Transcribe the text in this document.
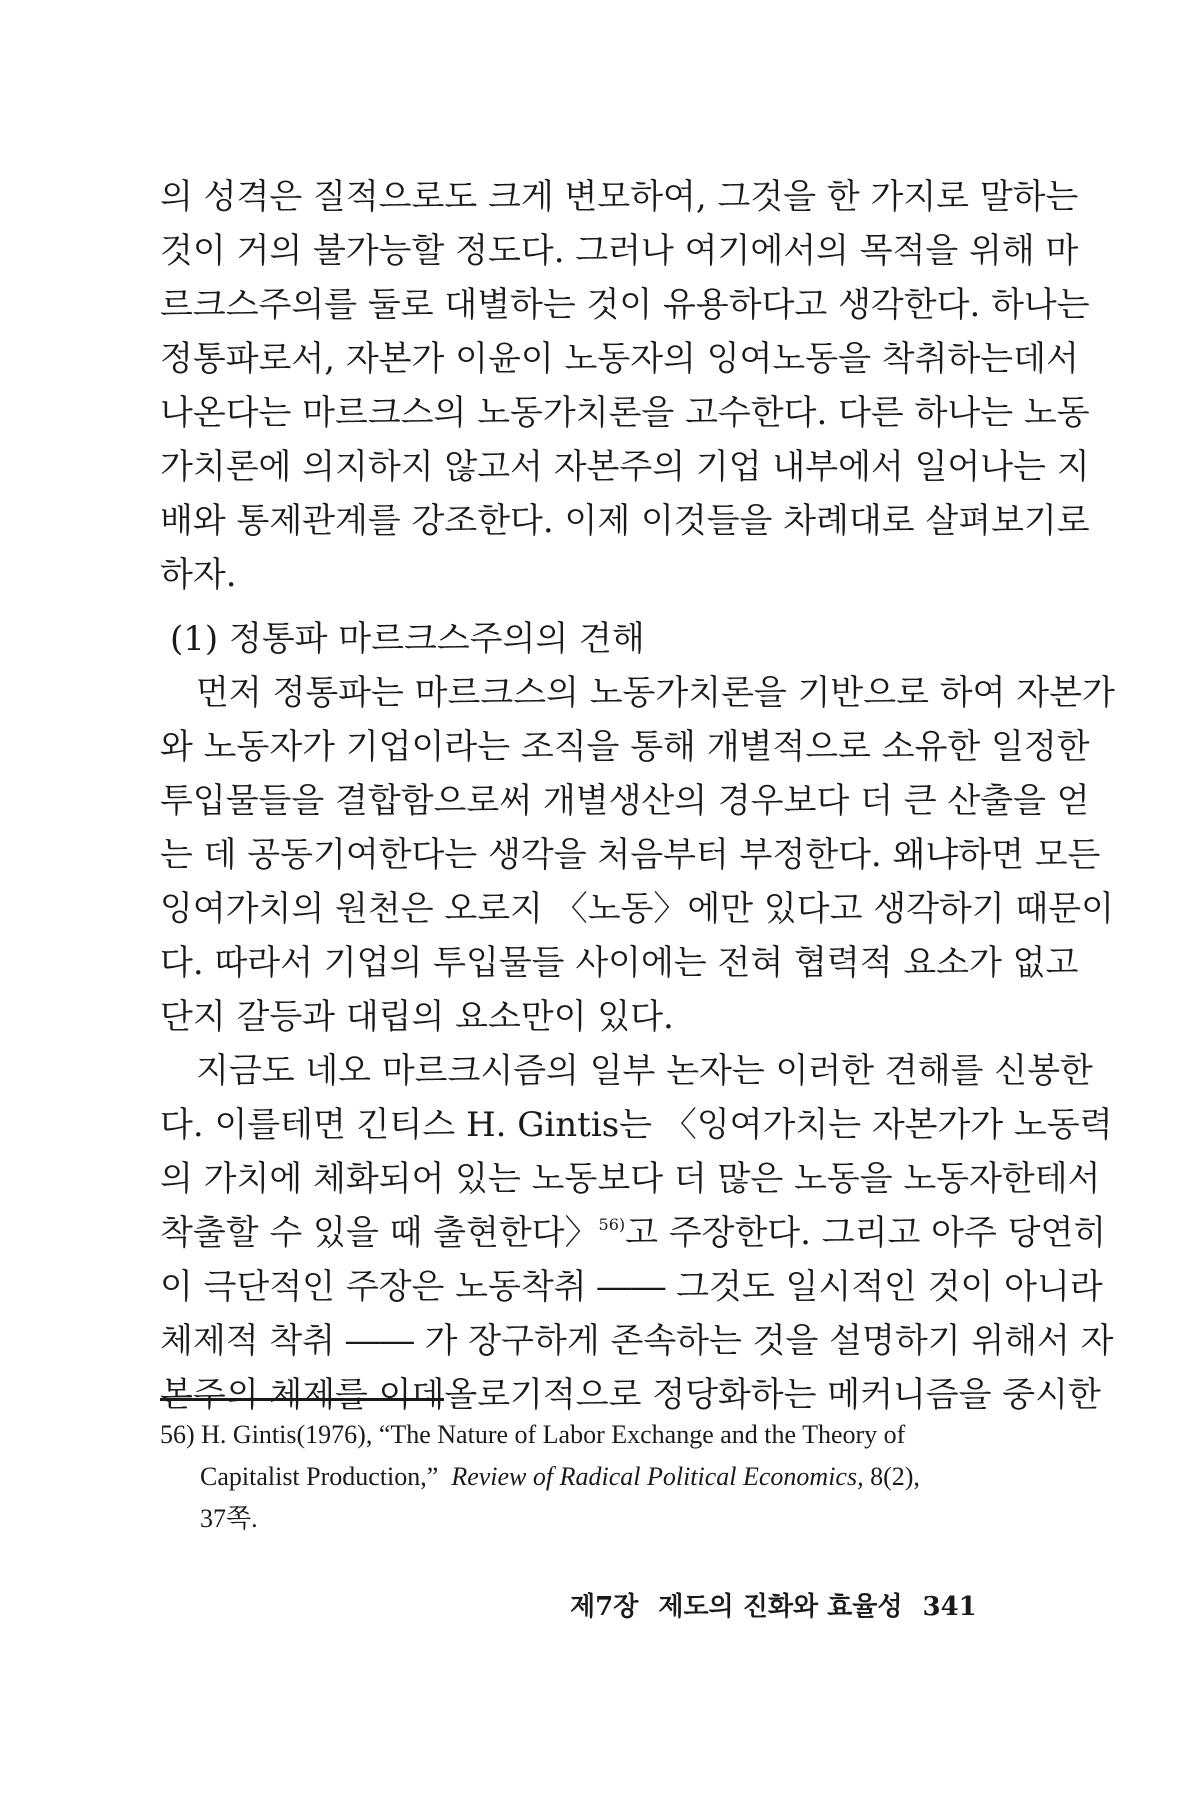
의 성격은 질적으로도 크게 변모하여, 그것을 한 가지로 말하는
것이 거의 불가능할 정도다. 그러나 여기에서의 목적을 위해 마
르크스주의를 둘로 대별하는 것이 유용하다고 생각한다. 하나는
정통파로서, 자본가 이윤이 노동자의 잉여노동을 착취하는데서
나온다는 마르크스의 노동가치론을 고수한다. 다른 하나는 노동
가치론에 의지하지 않고서 자본주의 기업 내부에서 일어나는 지
배와 통제관계를 강조한다. 이제 이것들을 차례대로 살펴보기로
하자.
(1) 정통파 마르크스주의의 견해
먼저 정통파는 마르크스의 노동가치론을 기반으로 하여 자본가
와 노동자가 기업이라는 조직을 통해 개별적으로 소유한 일정한
투입물들을 결합함으로써 개별생산의 경우보다 더 큰 산출을 얻
는 데 공동기여한다는 생각을 처음부터 부정한다. 왜냐하면 모든
잉여가치의 원천은 오로지 〈노동〉에만 있다고 생각하기 때문이
다. 따라서 기업의 투입물들 사이에는 전혀 협력적 요소가 없고
단지 갈등과 대립의 요소만이 있다.
지금도 네오 마르크시즘의 일부 논자는 이러한 견해를 신봉한
다. 이를테면 긴티스 H. Gintis는 〈잉여가치는 자본가가 노동력
의 가치에 체화되어 있는 노동보다 더 많은 노동을 노동자한테서
착출할 수 있을 때 출현한다〉$^{56)}$고 주장한다. 그리고 아주 당연히
이 극단적인 주장은 노동착취 ―― 그것도 일시적인 것이 아니라
체제적 착취 ―― 가 장구하게 존속하는 것을 설명하기 위해서 자
본주의 체제를 이데올로기적으로 정당화하는 메커니즘을 중시한
56) H. Gintis(1976), “The Nature of Labor Exchange and the Theory of
Capitalist Production,” Review of Radical Political Economics, 8(2),
37쪽.
제7장 제도의 진화와 효율성 341
